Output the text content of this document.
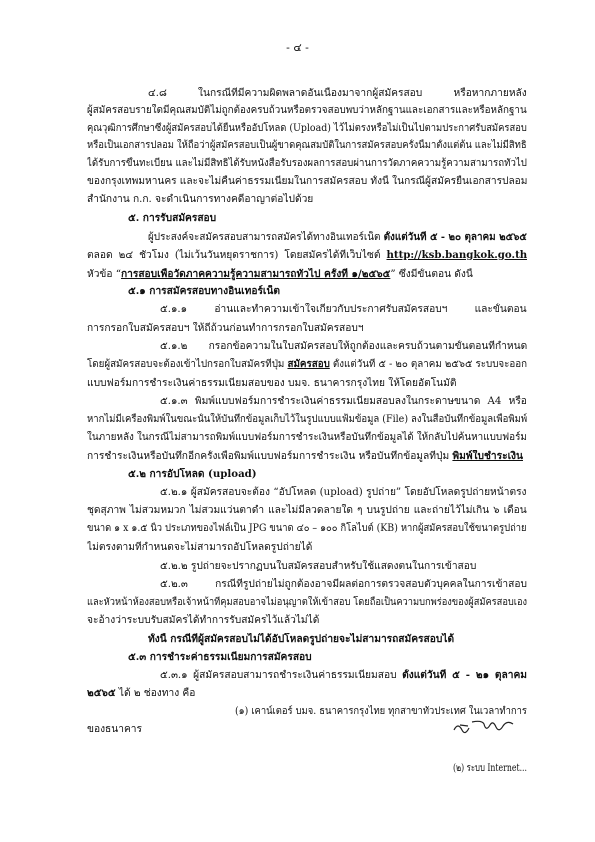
- ๔ -
๔.๘ ในกรณีที่มีความผิดพลาดอันเนื่องมาจากผู้สมัครสอบ หรือหากภายหลัง
ผู้สมัครสอบรายใดมีคุณสมบัติไม่ถูกต้องครบถ้วนหรือตรวจสอบพบว่าหลักฐานและเอกสารและหรือหลักฐาน
คุณวุฒิการศึกษาซึ่งผู้สมัครสอบได้ยื่นหรืออัปโหลด (Upload) ไว้ไม่ตรงหรือไม่เป็นไปตามประกาศรับสมัครสอบ
หรือเป็นเอกสารปลอม ให้ถือว่าผู้สมัครสอบเป็นผู้ขาดคุณสมบัติในการสมัครสอบครั้งนี้มาตั้งแต่ต้น และไม่มีสิทธิ
ได้รับการขึ้นทะเบียน และไม่มีสิทธิได้รับหนังสือรับรองผลการสอบผ่านการวัดภาคความรู้ความสามารถทั่วไป
ของกรุงเทพมหานคร และจะไม่คืนค่าธรรมเนียมในการสมัครสอบ ทั้งนี้ ในกรณีผู้สมัครยื่นเอกสารปลอม
สำนักงาน ก.ก. จะดำเนินการทางคดีอาญาต่อไปด้วย
๕. การรับสมัครสอบ
ผู้ประสงค์จะสมัครสอบสามารถสมัครได้ทางอินเทอร์เน็ต ตั้งแต่วันที่ ๕ - ๒๐ ตุลาคม ๒๕๖๕
ตลอด ๒๔ ชั่วโมง (ไม่เว้นวันหยุดราชการ) โดยสมัครได้ที่เว็บไซต์ http://ksb.bangkok.go.th
หัวข้อ “การสอบเพื่อวัดภาคความรู้ความสามารถทั่วไป ครั้งที่ ๑/๒๕๖๕” ซึ่งมีขั้นตอน ดังนี้
๕.๑ การสมัครสอบทางอินเทอร์เน็ต
๕.๑.๑ อ่านและทำความเข้าใจเกี่ยวกับประกาศรับสมัครสอบฯ และขั้นตอน
การกรอกใบสมัครสอบฯ ให้ถี่ถ้วนก่อนทำการกรอกใบสมัครสอบฯ
๕.๑.๒ กรอกข้อความในใบสมัครสอบให้ถูกต้องและครบถ้วนตามขั้นตอนที่กำหนด
โดยผู้สมัครสอบจะต้องเข้าไปกรอกใบสมัครที่ปุ่ม สมัครสอบ ตั้งแต่วันที่ ๕ - ๒๐ ตุลาคม ๒๕๖๕ ระบบจะออก
แบบฟอร์มการชำระเงินค่าธรรมเนียมสอบของ บมจ. ธนาคารกรุงไทย ให้โดยอัตโนมัติ
๕.๑.๓ พิมพ์แบบฟอร์มการชำระเงินค่าธรรมเนียมสอบลงในกระดาษขนาด A4 หรือ
หากไม่มีเครื่องพิมพ์ในขณะนั้นให้บันทึกข้อมูลเก็บไว้ในรูปแบบแฟ้มข้อมูล (File) ลงในสื่อบันทึกข้อมูลเพื่อพิมพ์
ในภายหลัง ในกรณีไม่สามารถพิมพ์แบบฟอร์มการชำระเงินหรือบันทึกข้อมูลได้ ให้กลับไปค้นหาแบบฟอร์ม
การชำระเงินหรือบันทึกอีกครั้งเพื่อพิมพ์แบบฟอร์มการชำระเงิน หรือบันทึกข้อมูลที่ปุ่ม พิมพ์ใบชำระเงิน
๕.๒ การอัปโหลด (upload)
๕.๒.๑ ผู้สมัครสอบจะต้อง “อัปโหลด (upload) รูปถ่าย” โดยอัปโหลดรูปถ่ายหน้าตรง
ชุดสุภาพ ไม่สวมหมวก ไม่สวมแว่นตาดำ และไม่มีลวดลายใด ๆ บนรูปถ่าย และถ่ายไว้ไม่เกิน ๖ เดือน
ขนาด ๑ x ๑.๕ นิ้ว ประเภทของไฟล์เป็น JPG ขนาด ๔๐ – ๑๐๐ กิโลไบต์ (KB) หากผู้สมัครสอบใช้ขนาดรูปถ่าย
ไม่ตรงตามที่กำหนดจะไม่สามารถอัปโหลดรูปถ่ายได้
๕.๒.๒ รูปถ่ายจะปรากฏบนใบสมัครสอบสำหรับใช้แสดงตนในการเข้าสอบ
๕.๒.๓ กรณีที่รูปถ่ายไม่ถูกต้องอาจมีผลต่อการตรวจสอบตัวบุคคลในการเข้าสอบ
และหัวหน้าห้องสอบหรือเจ้าหน้าที่คุมสอบอาจไม่อนุญาตให้เข้าสอบ โดยถือเป็นความบกพร่องของผู้สมัครสอบเอง
จะอ้างว่าระบบรับสมัครได้ทำการรับสมัครไว้แล้วไม่ได้
ทั้งนี้ กรณีที่ผู้สมัครสอบไม่ได้อัปโหลดรูปถ่ายจะไม่สามารถสมัครสอบได้
๕.๓ การชำระค่าธรรมเนียมการสมัครสอบ
๕.๓.๑ ผู้สมัครสอบสามารถชำระเงินค่าธรรมเนียมสอบ ตั้งแต่วันที่ ๕ - ๒๑ ตุลาคม
๒๕๖๕ ได้ ๒ ช่องทาง คือ
(๑) เคาน์เตอร์ บมจ. ธนาคารกรุงไทย ทุกสาขาทั่วประเทศ ในเวลาทำการ
ของธนาคาร
(๒) ระบบ Internet...
